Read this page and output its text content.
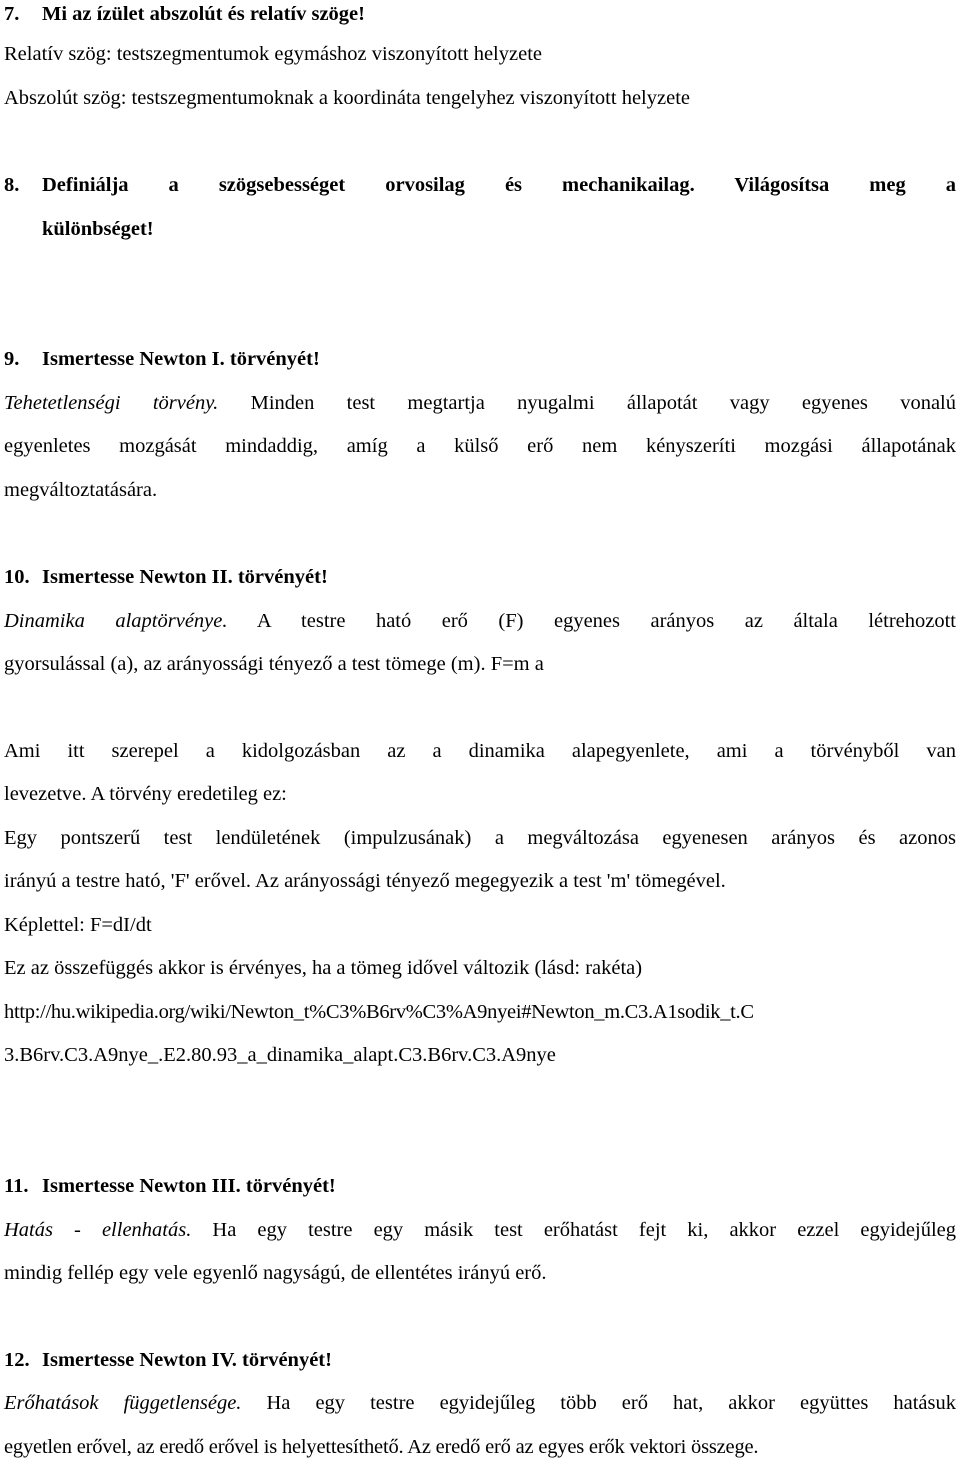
7. Mi az ízület abszolút és relatív szöge!
Relatív szög: testszegmentumok egymáshoz viszonyított helyzete
Abszolút szög: testszegmentumoknak a koordináta tengelyhez viszonyított helyzete
8. Definiálja a szögsebességet orvosilag és mechanikailag. Világosítsa meg a
különbséget!
9. Ismertesse Newton I. törvényét!
Tehetetlenségi törvény. Minden test megtartja nyugalmi állapotát vagy egyenes vonalú
egyenletes mozgását mindaddig, amíg a külső erő nem kényszeríti mozgási állapotának
megváltoztatására.
10. Ismertesse Newton II. törvényét!
Dinamika alaptörvénye. A testre ható erő (F) egyenes arányos az általa létrehozott
gyorsulással (a), az arányossági tényező a test tömege (m). F=m a
Ami itt szerepel a kidolgozásban az a dinamika alapegyenlete, ami a törvényből van
levezetve. A törvény eredetileg ez:
Egy pontszerű test lendületének (impulzusának) a megváltozása egyenesen arányos és azonos
irányú a testre ható, 'F' erővel. Az arányossági tényező megegyezik a test 'm' tömegével.
Képlettel: F=dI/dt
Ez az összefüggés akkor is érvényes, ha a tömeg idővel változik (lásd: rakéta)
http://hu.wikipedia.org/wiki/Newton_t%C3%B6rv%C3%A9nyei#Newton_m.C3.A1sodik_t.C
3.B6rv.C3.A9nye_.E2.80.93_a_dinamika_alapt.C3.B6rv.C3.A9nye
11. Ismertesse Newton III. törvényét!
Hatás - ellenhatás. Ha egy testre egy másik test erőhatást fejt ki, akkor ezzel egyidejűleg
mindig fellép egy vele egyenlő nagyságú, de ellentétes irányú erő.
12. Ismertesse Newton IV. törvényét!
Erőhatások függetlensége. Ha egy testre egyidejűleg több erő hat, akkor együttes hatásuk
egyetlen erővel, az eredő erővel is helyettesíthető. Az eredő erő az egyes erők vektori összege.
